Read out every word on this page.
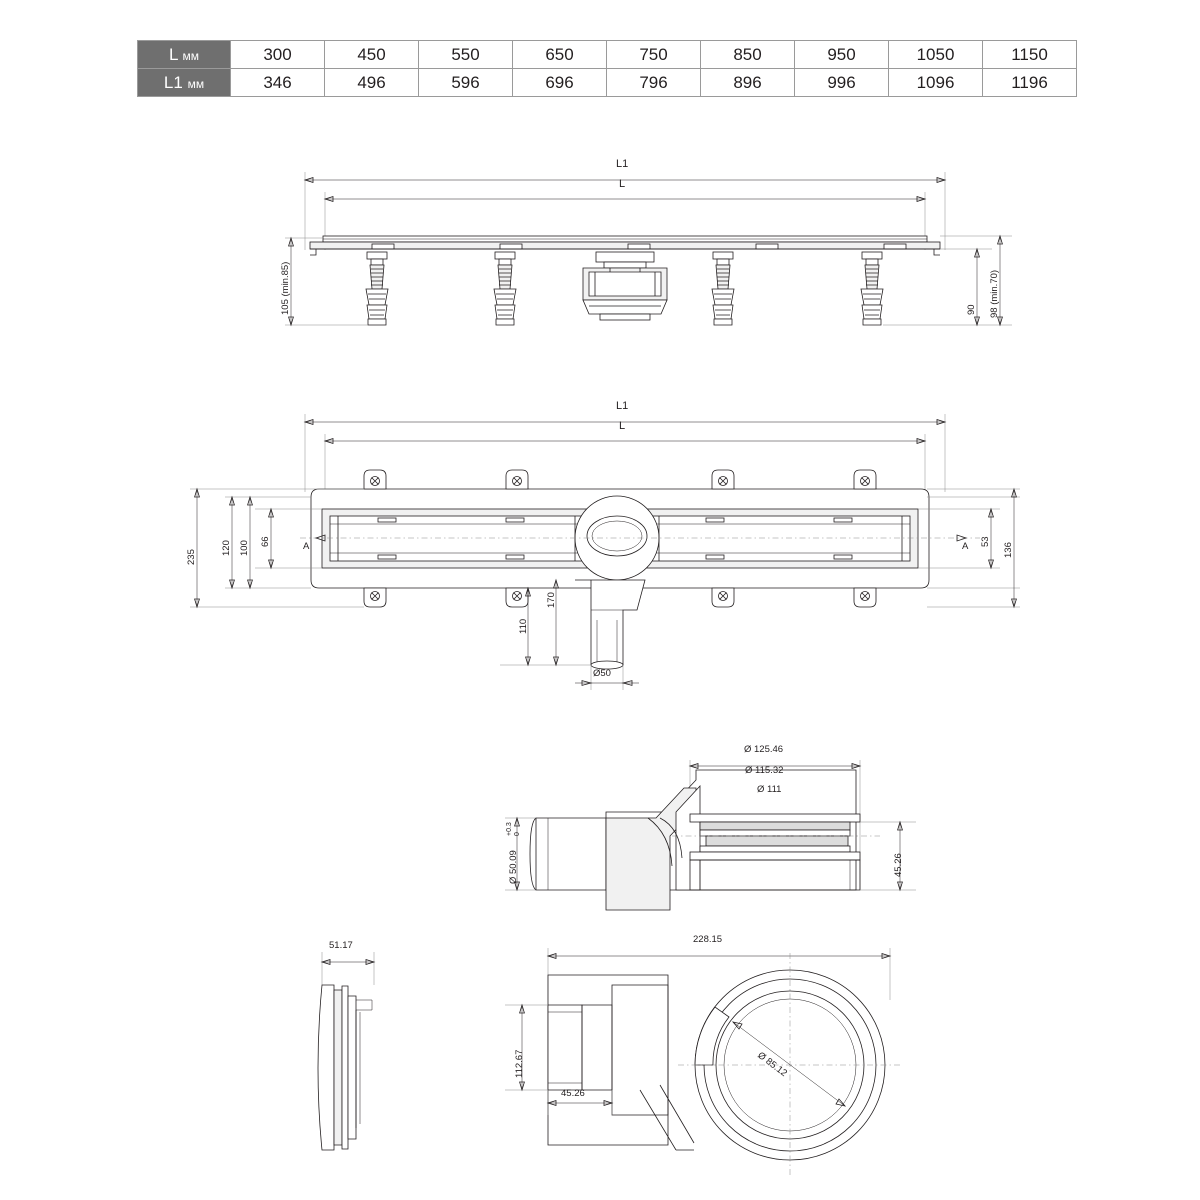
L мм	300	450	550	650	750	850	950	1050	1150
L1 мм	346	496	596	696	796	896	996	1096	1196
L1
L
105 (min.85)	90 98 (min.70)
L1
L
235
120 100 66	53
136
110
170
Ø50
A	A
Ø 125.46
Ø 115.32
Ø 111
Ø 50.09
+0.3 0
45.26
51.17
228.15
112.67
45.26
Ø 85.12
